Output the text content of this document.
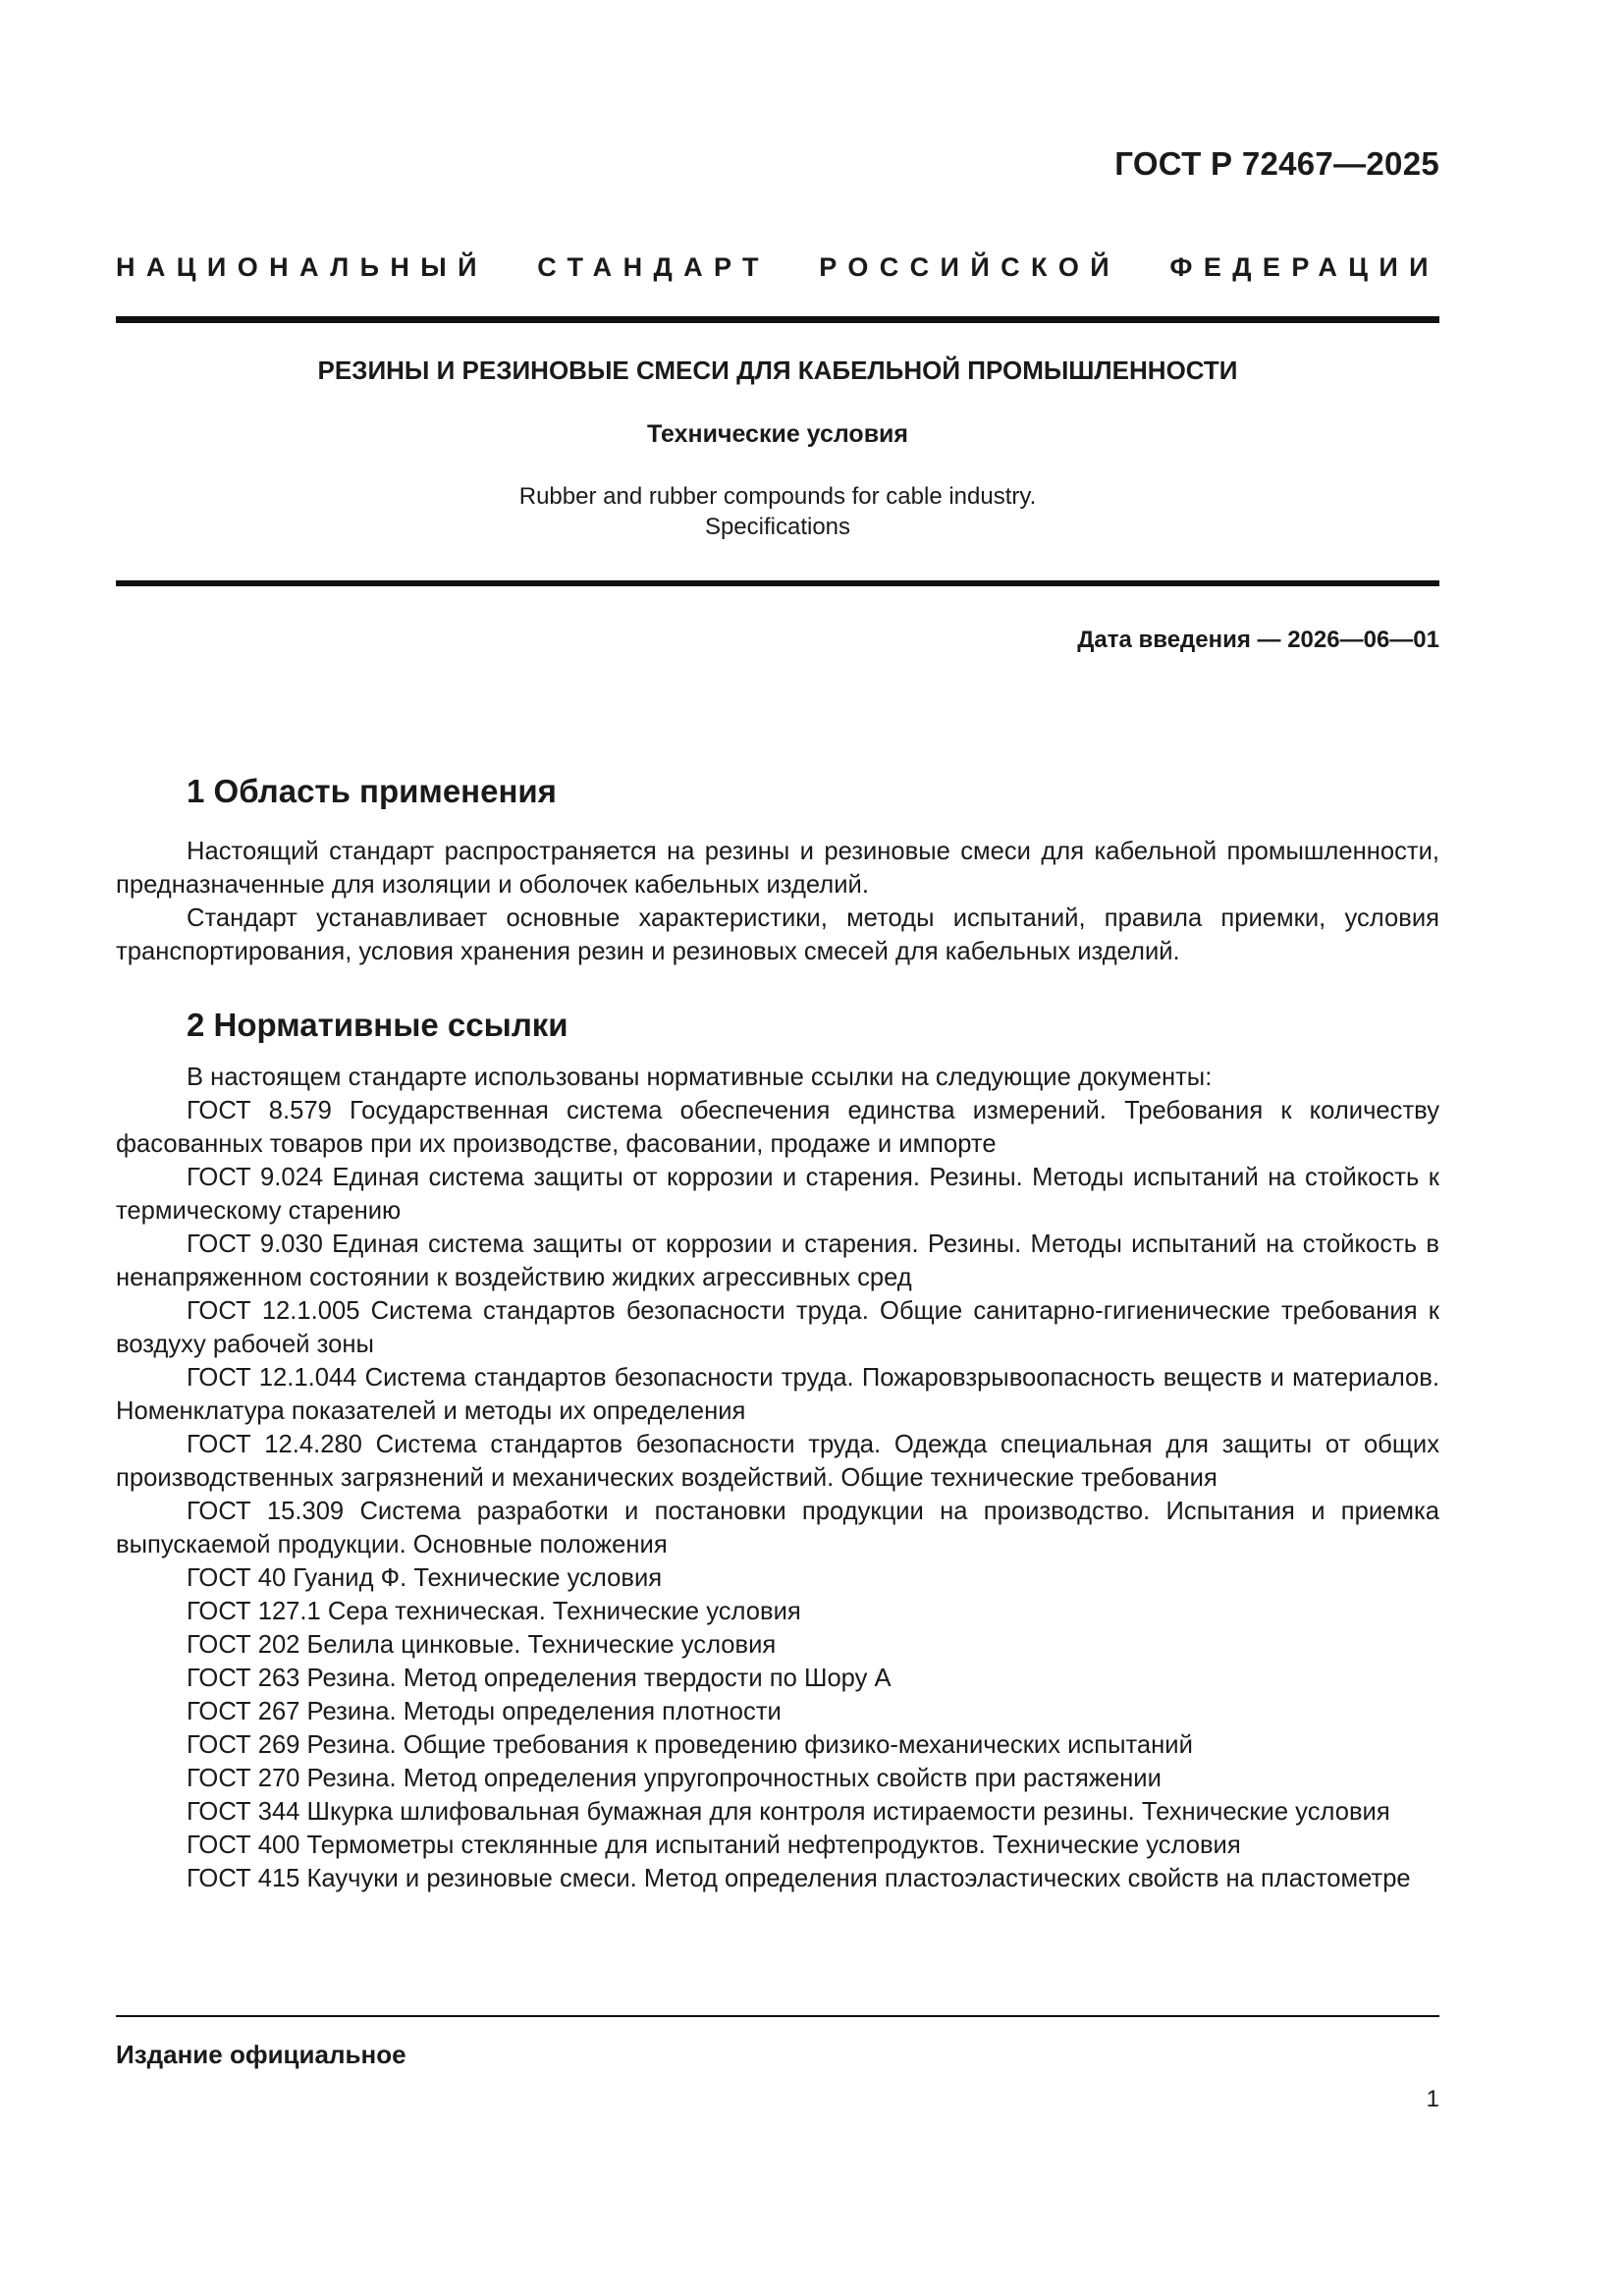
ГОСТ Р 72467—2025
НАЦИОНАЛЬНЫЙ СТАНДАРТ РОССИЙСКОЙ ФЕДЕРАЦИИ
РЕЗИНЫ И РЕЗИНОВЫЕ СМЕСИ ДЛЯ КАБЕЛЬНОЙ ПРОМЫШЛЕННОСТИ
Технические условия
Rubber and rubber compounds for cable industry.
Specifications
Дата введения — 2026—06—01
1 Область применения

Настоящий стандарт распространяется на резины и резиновые смеси для кабельной промышленности, предназначенные для изоляции и оболочек кабельных изделий.

Стандарт устанавливает основные характеристики, методы испытаний, правила приемки, условия транспортирования, условия хранения резин и резиновых смесей для кабельных изделий.

2 Нормативные ссылки

В настоящем стандарте использованы нормативные ссылки на следующие документы:

ГОСТ 8.579 Государственная система обеспечения единства измерений. Требования к количеству фасованных товаров при их производстве, фасовании, продаже и импорте

ГОСТ 9.024 Единая система защиты от коррозии и старения. Резины. Методы испытаний на стойкость к термическому старению

ГОСТ 9.030 Единая система защиты от коррозии и старения. Резины. Методы испытаний на стойкость в ненапряженном состоянии к воздействию жидких агрессивных сред

ГОСТ 12.1.005 Система стандартов безопасности труда. Общие санитарно-гигиенические требования к воздуху рабочей зоны

ГОСТ 12.1.044 Система стандартов безопасности труда. Пожаровзрывоопасность веществ и материалов. Номенклатура показателей и методы их определения

ГОСТ 12.4.280 Система стандартов безопасности труда. Одежда специальная для защиты от общих производственных загрязнений и механических воздействий. Общие технические требования

ГОСТ 15.309 Система разработки и постановки продукции на производство. Испытания и приемка выпускаемой продукции. Основные положения

ГОСТ 40 Гуанид Ф. Технические условия

ГОСТ 127.1 Сера техническая. Технические условия

ГОСТ 202 Белила цинковые. Технические условия

ГОСТ 263 Резина. Метод определения твердости по Шору А

ГОСТ 267 Резина. Методы определения плотности

ГОСТ 269 Резина. Общие требования к проведению физико-механических испытаний

ГОСТ 270 Резина. Метод определения упругопрочностных свойств при растяжении

ГОСТ 344 Шкурка шлифовальная бумажная для контроля истираемости резины. Технические условия

ГОСТ 400 Термометры стеклянные для испытаний нефтепродуктов. Технические условия

ГОСТ 415 Каучуки и резиновые смеси. Метод определения пластоэластических свойств на пластометре

Издание официальное
1
